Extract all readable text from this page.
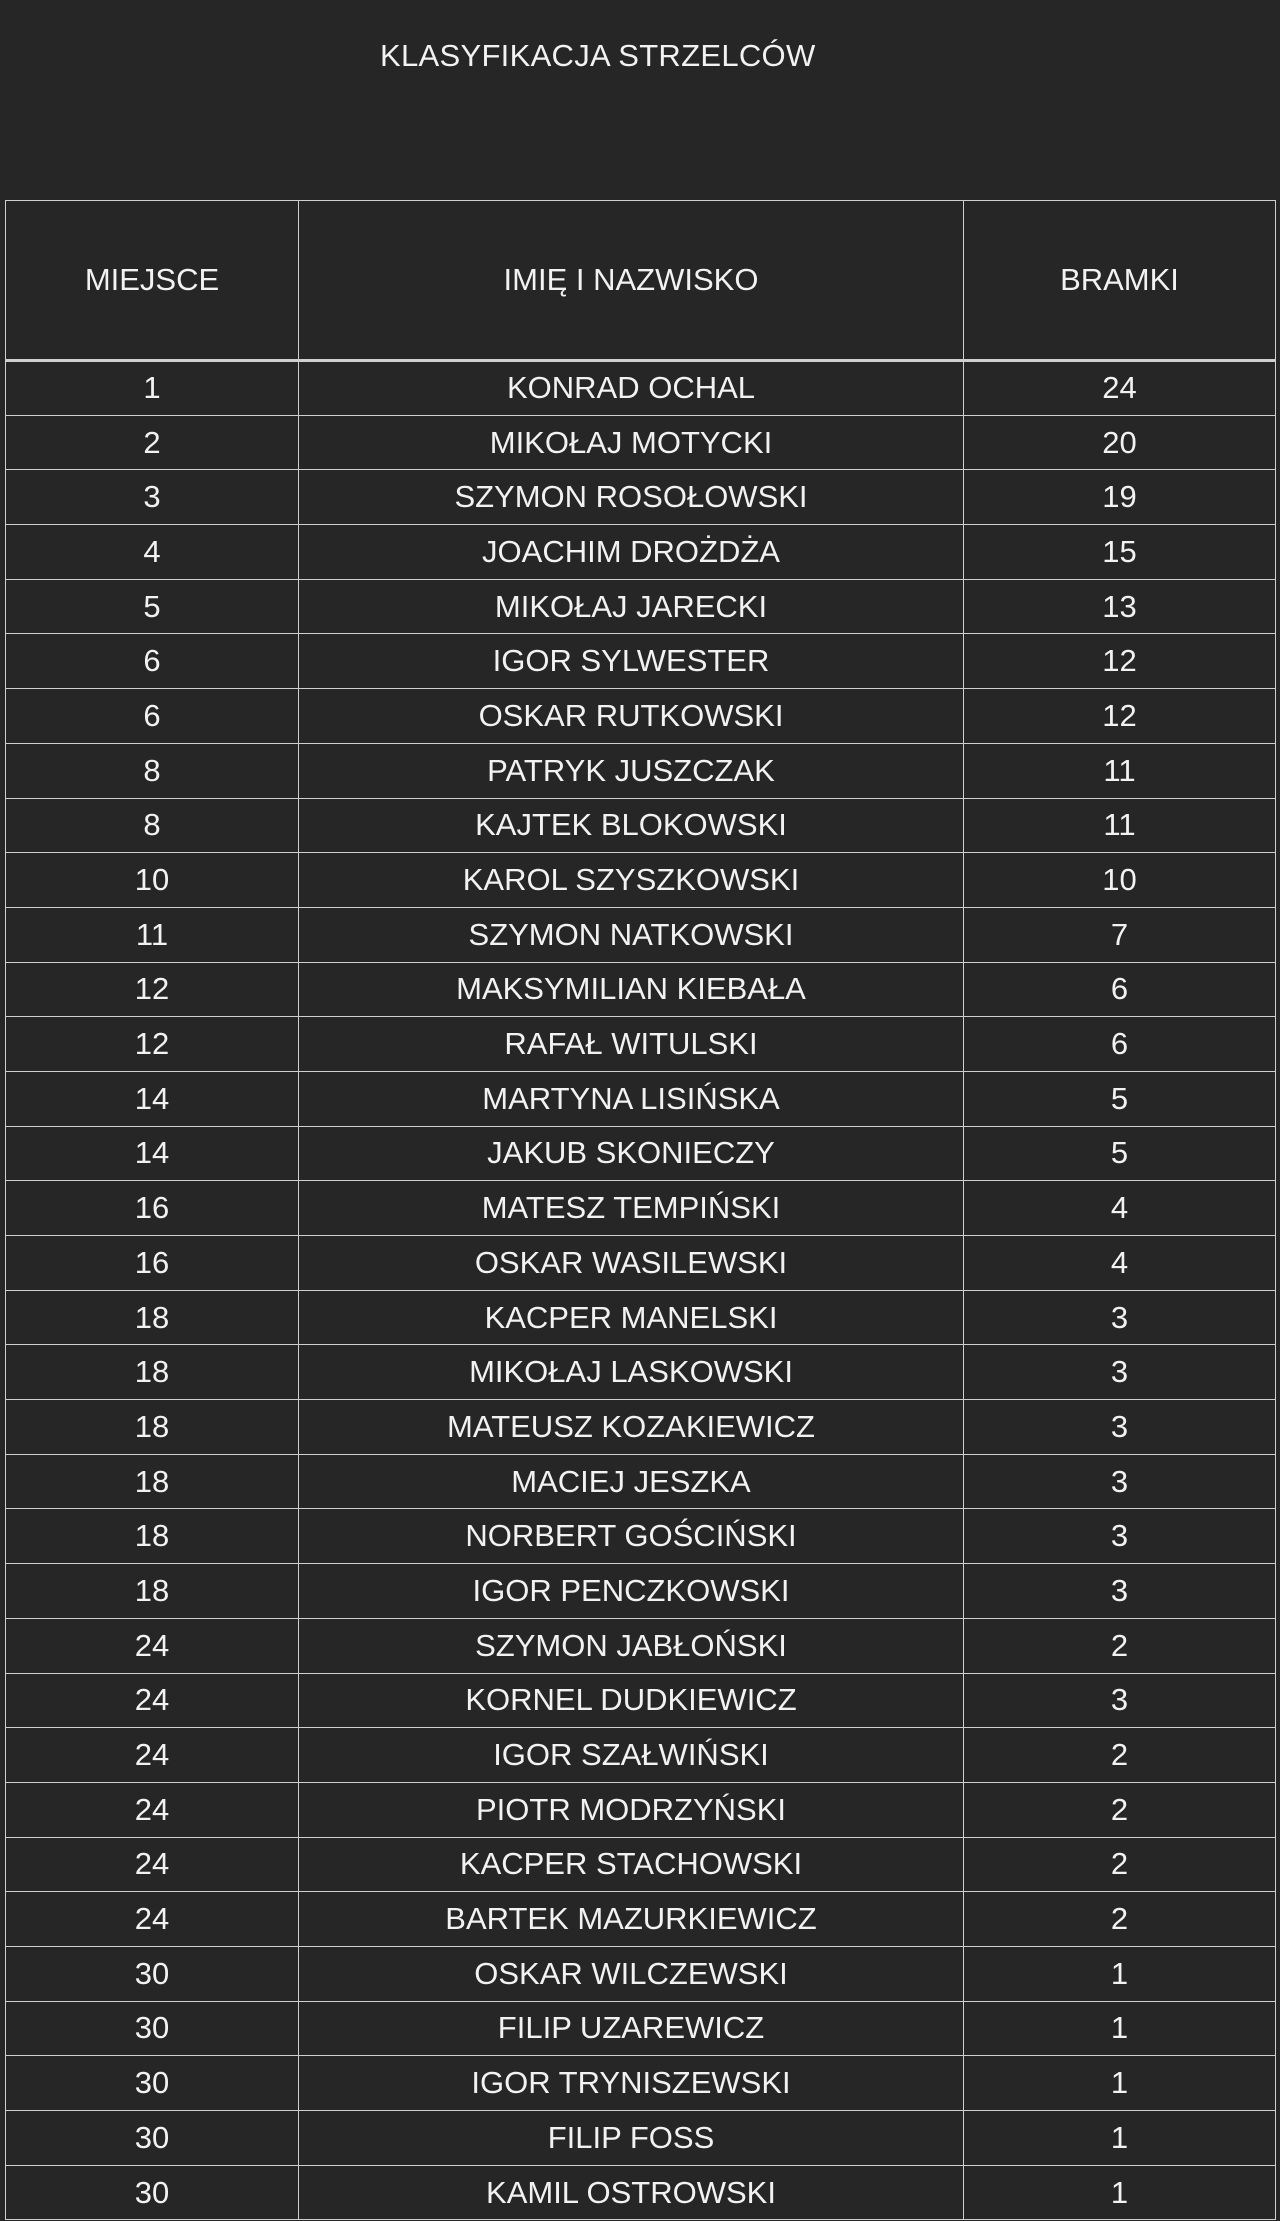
KLASYFIKACJA STRZELCÓW
MIEJSCE	IMIĘ I NAZWISKO	BRAMKI
1	KONRAD OCHAL	24
2	MIKOŁAJ MOTYCKI	20
3	SZYMON ROSOŁOWSKI	19
4	JOACHIM DROŻDŻA	15
5	MIKOŁAJ JARECKI	13
6	IGOR SYLWESTER	12
6	OSKAR RUTKOWSKI	12
8	PATRYK JUSZCZAK	11
8	KAJTEK BLOKOWSKI	11
10	KAROL SZYSZKOWSKI	10
11	SZYMON NATKOWSKI	7
12	MAKSYMILIAN KIEBAŁA	6
12	RAFAŁ WITULSKI	6
14	MARTYNA LISIŃSKA	5
14	JAKUB SKONIECZY	5
16	MATESZ TEMPIŃSKI	4
16	OSKAR WASILEWSKI	4
18	KACPER MANELSKI	3
18	MIKOŁAJ LASKOWSKI	3
18	MATEUSZ KOZAKIEWICZ	3
18	MACIEJ JESZKA	3
18	NORBERT GOŚCIŃSKI	3
18	IGOR PENCZKOWSKI	3
24	SZYMON JABŁOŃSKI	2
24	KORNEL DUDKIEWICZ	3
24	IGOR SZAŁWIŃSKI	2
24	PIOTR MODRZYŃSKI	2
24	KACPER STACHOWSKI	2
24	BARTEK MAZURKIEWICZ	2
30	OSKAR WILCZEWSKI	1
30	FILIP UZAREWICZ	1
30	IGOR TRYNISZEWSKI	1
30	FILIP FOSS	1
30	KAMIL OSTROWSKI	1
